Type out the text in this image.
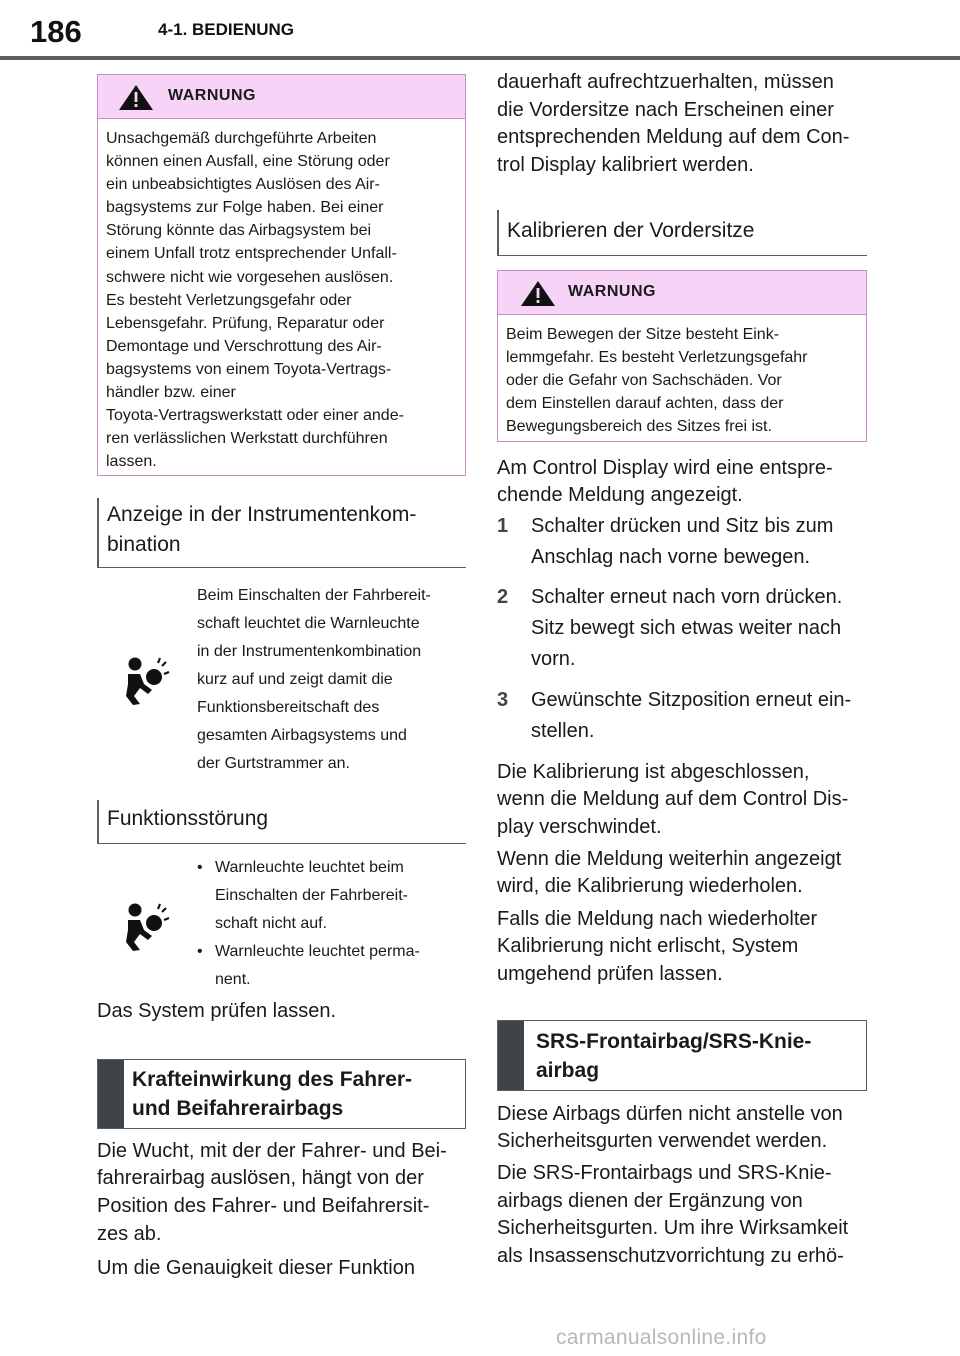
186	4-1. BEDIENUNG
WARNUNG

Unsachgemäß durchgeführte Arbeiten

können einen Ausfall, eine Störung oder

ein unbeabsichtigtes Auslösen des Air-

bagsystems zur Folge haben. Bei einer

Störung könnte das Airbagsystem bei

einem Unfall trotz entsprechender Unfall-

schwere nicht wie vorgesehen auslösen.

Es besteht Verletzungsgefahr oder

Lebensgefahr. Prüfung, Reparatur oder

Demontage und Verschrottung des Air-

bagsystems von einem Toyota-Vertrags-

händler bzw. einer

Toyota-Vertragswerkstatt oder einer ande-

ren verlässlichen Werkstatt durchführen

lassen.

Anzeige in der Instrumentenkom-
bination
Beim Einschalten der Fahrbereit-
schaft leuchtet die Warnleuchte
in der Instrumentenkombination
kurz auf und zeigt damit die
Funktionsbereitschaft des
gesamten Airbagsystems und
der Gurtstrammer an.
Funktionsstörung
• Warnleuchte leuchtet beim
Einschalten der Fahrbereit-
schaft nicht auf.
• Warnleuchte leuchtet perma-
nent.
Das System prüfen lassen.
Krafteinwirkung des Fahrer-
und Beifahrerairbags
Die Wucht, mit der der Fahrer- und Bei-
fahrerairbag auslösen, hängt von der
Position des Fahrer- und Beifahrersit-
zes ab.
Um die Genauigkeit dieser Funktion
dauerhaft aufrechtzuerhalten, müssen
die Vordersitze nach Erscheinen einer
entsprechenden Meldung auf dem Con-
trol Display kalibriert werden.
Kalibrieren der Vordersitze
WARNUNG

Beim Bewegen der Sitze besteht Eink-

lemmgefahr. Es besteht Verletzungsgefahr

oder die Gefahr von Sachschäden. Vor

dem Einstellen darauf achten, dass der

Bewegungsbereich des Sitzes frei ist.

Am Control Display wird eine entspre-
chende Meldung angezeigt.
1 Schalter drücken und Sitz bis zum
Anschlag nach vorne bewegen.
2 Schalter erneut nach vorn drücken.
Sitz bewegt sich etwas weiter nach
vorn.
3 Gewünschte Sitzposition erneut ein-
stellen.
Die Kalibrierung ist abgeschlossen,
wenn die Meldung auf dem Control Dis-
play verschwindet.
Wenn die Meldung weiterhin angezeigt
wird, die Kalibrierung wiederholen.
Falls die Meldung nach wiederholter
Kalibrierung nicht erlischt, System
umgehend prüfen lassen.
SRS-Frontairbag/SRS-Knie-
airbag
Diese Airbags dürfen nicht anstelle von
Sicherheitsgurten verwendet werden.
Die SRS-Frontairbags und SRS-Knie-
airbags dienen der Ergänzung von
Sicherheitsgurten. Um ihre Wirksamkeit
als Insassenschutzvorrichtung zu erhö-
carmanualsonline.info
